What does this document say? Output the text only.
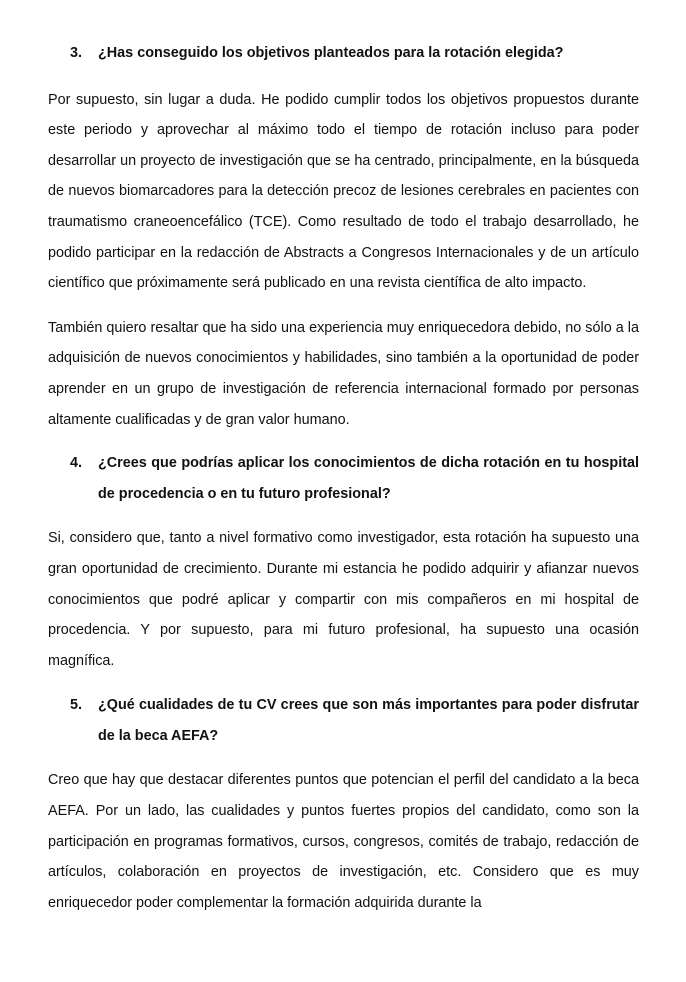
3.	¿Has conseguido los objetivos planteados para la rotación elegida?

Por supuesto, sin lugar a duda. He podido cumplir todos los objetivos propuestos durante este periodo y aprovechar al máximo todo el tiempo de rotación incluso para poder desarrollar un proyecto de investigación que se ha centrado, principalmente, en la búsqueda de nuevos biomarcadores para la detección precoz de lesiones cerebrales en pacientes con traumatismo craneoencefálico (TCE). Como resultado de todo el trabajo desarrollado, he podido participar en la redacción de Abstracts a Congresos Internacionales y de un artículo científico que próximamente será publicado en una revista científica de alto impacto.

También quiero resaltar que ha sido una experiencia muy enriquecedora debido, no sólo a la adquisición de nuevos conocimientos y habilidades, sino también a la oportunidad de poder aprender en un grupo de investigación de referencia internacional formado por personas altamente cualificadas y de gran valor humano.

4.	¿Crees que podrías aplicar los conocimientos de dicha rotación en tu hospital de procedencia o en tu futuro profesional?

Si, considero que, tanto a nivel formativo como investigador, esta rotación ha supuesto una gran oportunidad de crecimiento. Durante mi estancia he podido adquirir y afianzar nuevos conocimientos que podré aplicar y compartir con mis compañeros en mi hospital de procedencia. Y por supuesto, para mi futuro profesional, ha supuesto una ocasión magnífica.

5.	¿Qué cualidades de tu CV crees que son más importantes para poder disfrutar de la beca AEFA?

Creo que hay que destacar diferentes puntos que potencian el perfil del candidato a la beca AEFA. Por un lado, las cualidades y puntos fuertes propios del candidato, como son la participación en programas formativos, cursos, congresos, comités de trabajo, redacción de artículos, colaboración en proyectos de investigación, etc. Considero que es muy enriquecedor poder complementar la formación adquirida durante la
